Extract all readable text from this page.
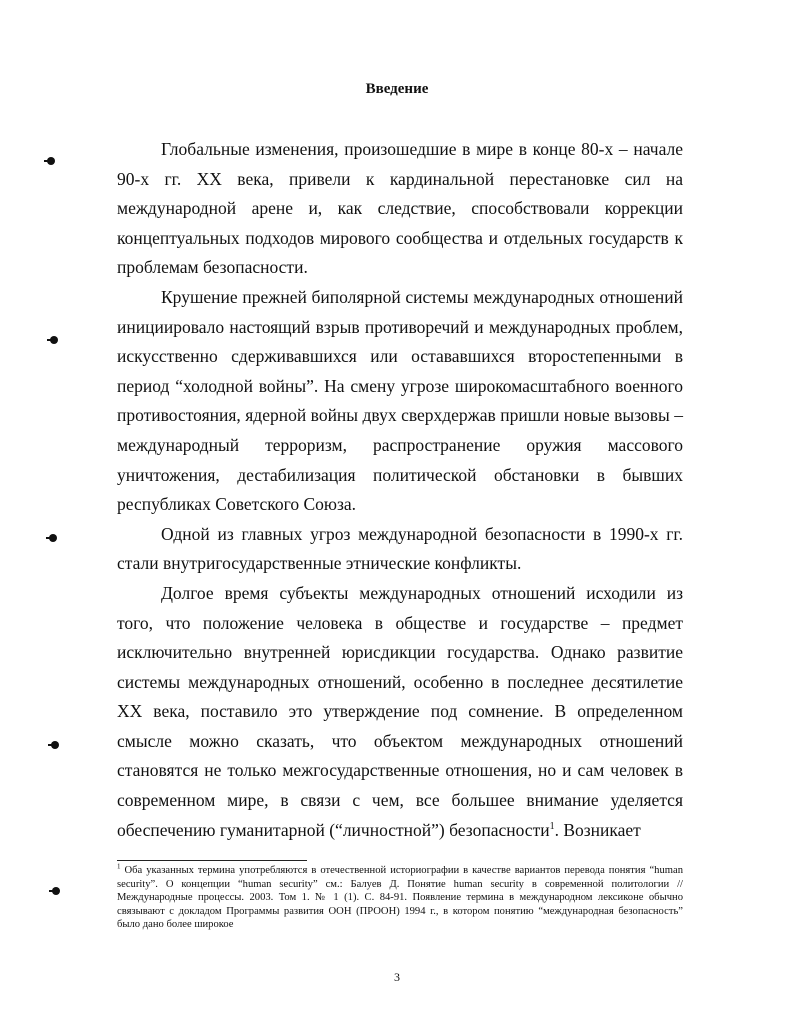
Введение

Глобальные изменения, произошедшие в мире в конце 80-х – начале 90-х гг. XX века, привели к кардинальной перестановке сил на международной арене и, как следствие, способствовали коррекции концептуальных подходов мирового сообщества и отдельных государств к проблемам безопасности.

Крушение прежней биполярной системы международных отношений инициировало настоящий взрыв противоречий и международных проблем, искусственно сдерживавшихся или остававшихся второстепенными в период “холодной войны”. На смену угрозе широкомасштабного военного противостояния, ядерной войны двух сверхдержав пришли новые вызовы – международный терроризм, распространение оружия массового уничтожения, дестабилизация политической обстановки в бывших республиках Советского Союза.

Одной из главных угроз международной безопасности в 1990-х гг. стали внутригосударственные этнические конфликты.

Долгое время субъекты международных отношений исходили из того, что положение человека в обществе и государстве – предмет исключительно внутренней юрисдикции государства. Однако развитие системы международных отношений, особенно в последнее десятилетие XX века, поставило это утверждение под сомнение. В определенном смысле можно сказать, что объектом международных отношений становятся не только межгосударственные отношения, но и сам человек в современном мире, в связи с чем, все большее внимание уделяется обеспечению гуманитарной (“личностной”) безопасности$^1$. Возникает

$^1$ Оба указанных термина употребляются в отечественной историографии в качестве вариантов перевода понятия “human security”. О концепции “human security” см.: Балуев Д. Понятие human security в современной политологии // Международные процессы. 2003. Том 1. № 1 (1). С. 84-91. Появление термина в международном лексиконе обычно связывают с докладом Программы развития ООН (ПРООН) 1994 г., в котором понятию “международная безопасность” было дано более широкое
3
